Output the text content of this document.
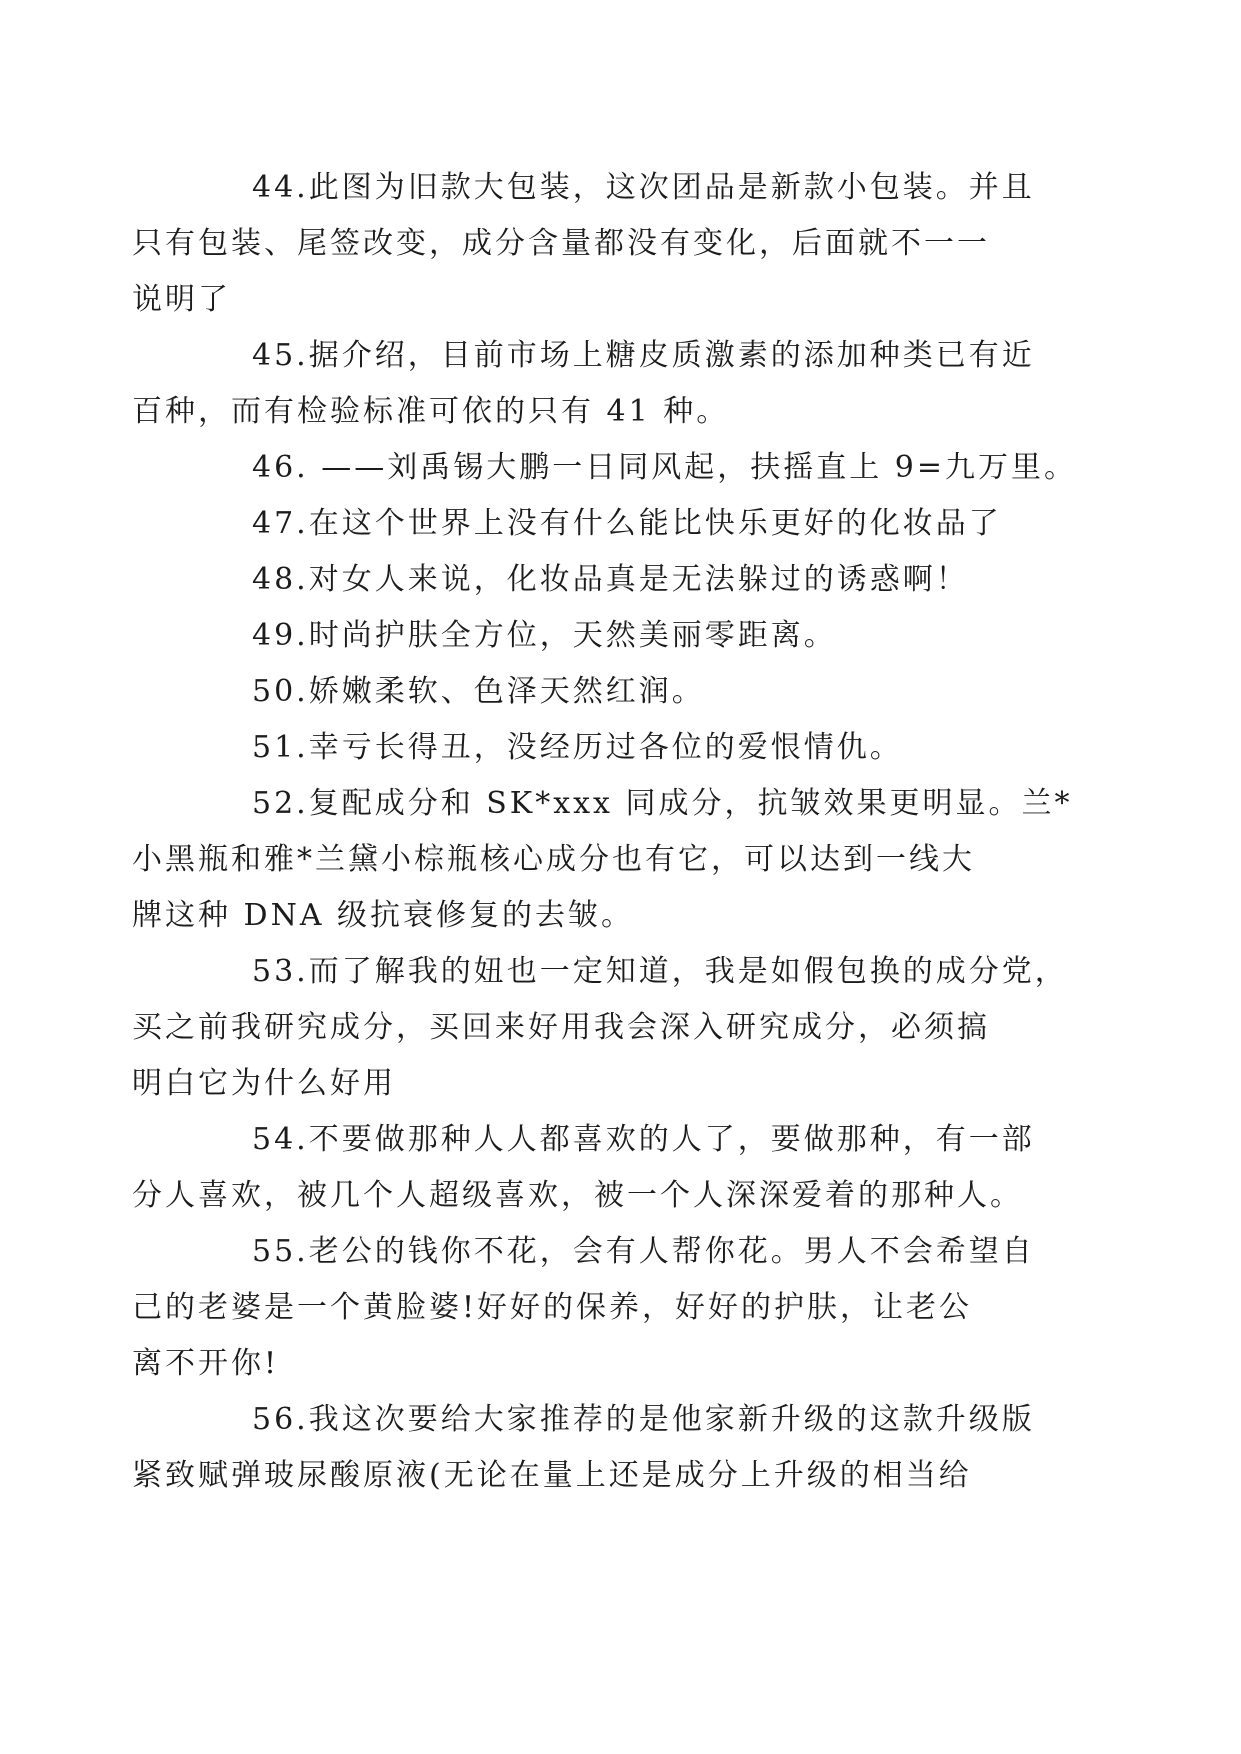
44.此图为旧款大包装，这次团品是新款小包装。并且
只有包装、尾签改变，成分含量都没有变化，后面就不一一
说明了

45.据介绍，目前市场上糖皮质激素的添加种类已有近
百种，而有检验标准可依的只有 41 种。

46. ——刘禹锡大鹏一日同风起，扶摇直上 9=九万里。

47.在这个世界上没有什么能比快乐更好的化妆品了

48.对女人来说，化妆品真是无法躲过的诱惑啊！

49.时尚护肤全方位，天然美丽零距离。

50.娇嫩柔软、色泽天然红润。

51.幸亏长得丑，没经历过各位的爱恨情仇。

52.复配成分和 SK*xxx 同成分，抗皱效果更明显。兰*
小黑瓶和雅*兰黛小棕瓶核心成分也有它，可以达到一线大
牌这种 DNA 级抗衰修复的去皱。

53.而了解我的妞也一定知道，我是如假包换的成分党，
买之前我研究成分，买回来好用我会深入研究成分，必须搞
明白它为什么好用

54.不要做那种人人都喜欢的人了，要做那种，有一部
分人喜欢，被几个人超级喜欢，被一个人深深爱着的那种人。

55.老公的钱你不花，会有人帮你花。男人不会希望自
己的老婆是一个黄脸婆!好好的保养，好好的护肤，让老公
离不开你!

56.我这次要给大家推荐的是他家新升级的这款升级版
紧致赋弹玻尿酸原液(无论在量上还是成分上升级的相当给
